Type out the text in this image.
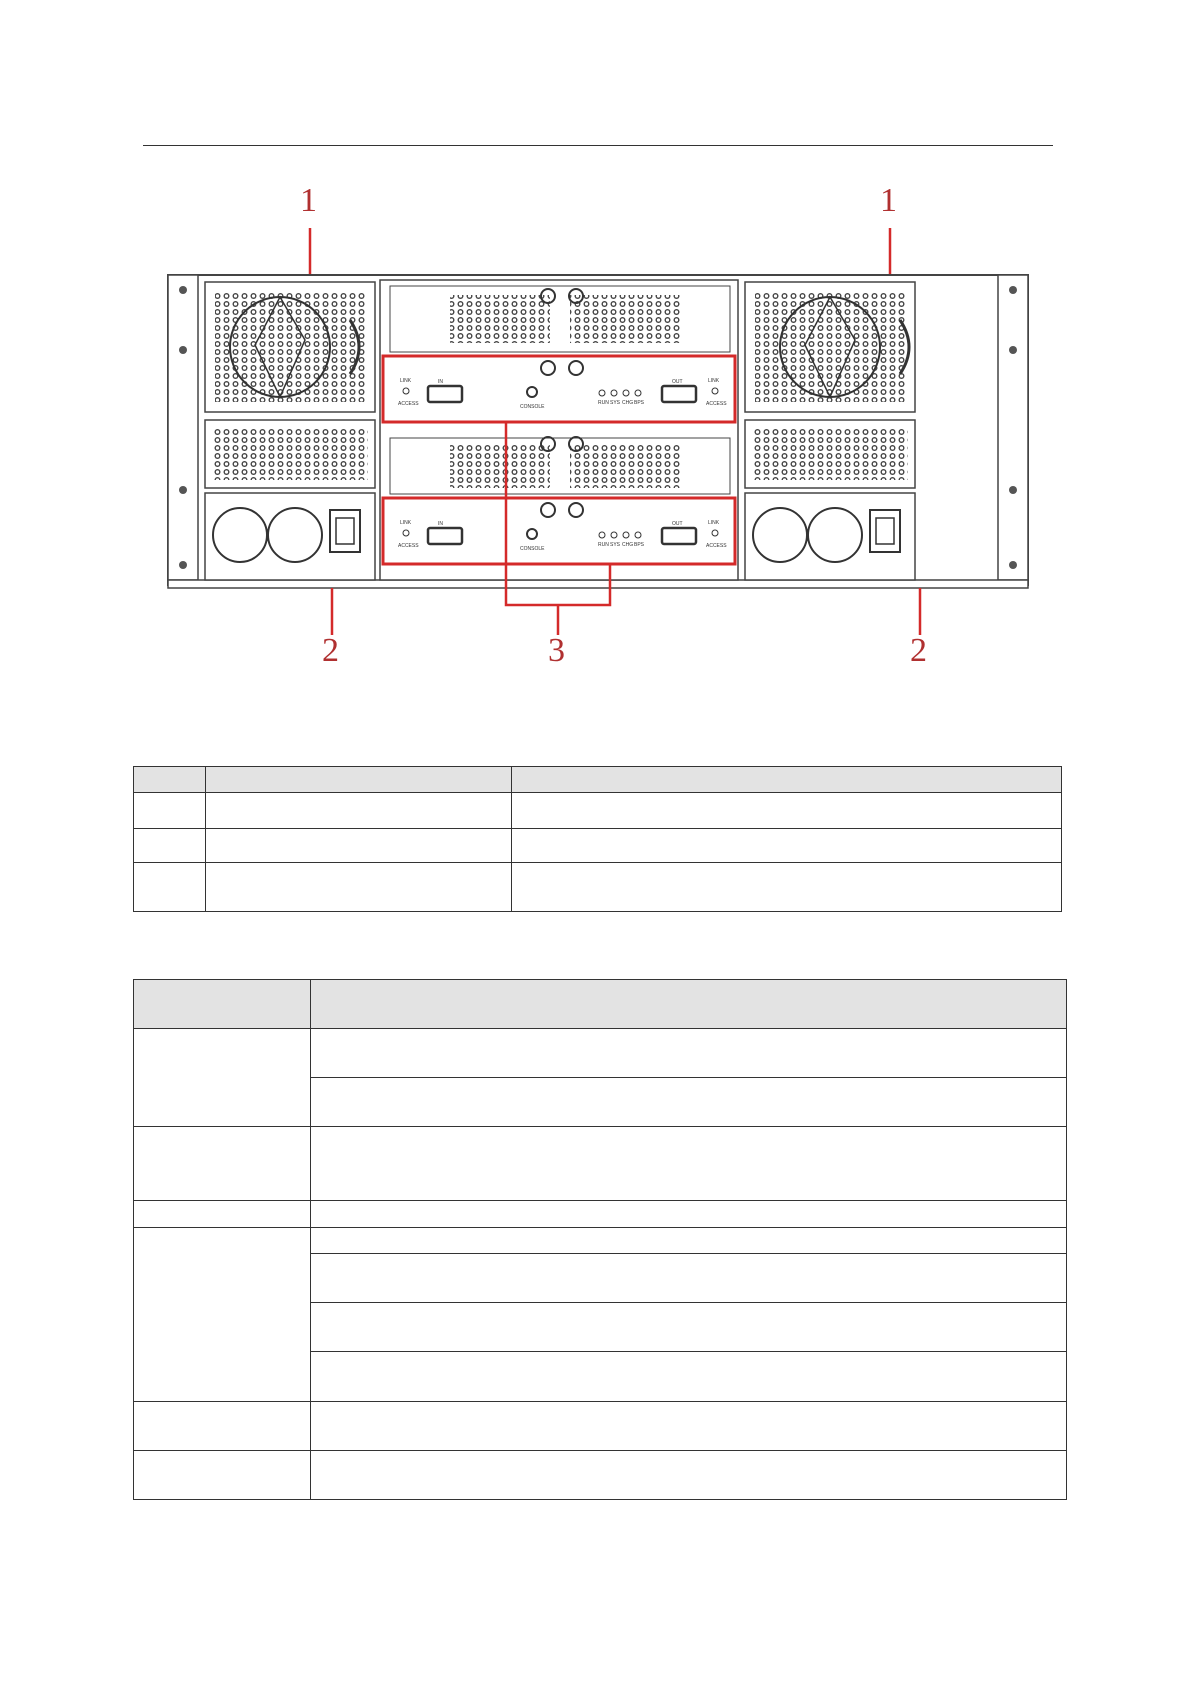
LINK
ACCESS
IN
CONSOLE
RUN SYS CHG BPS
OUT	LINK
ACCESS
LINK
ACCESS
IN
CONSOLE
RUN SYS CHG BPS
OUT	LINK
ACCESS
1	1
2	2
3
